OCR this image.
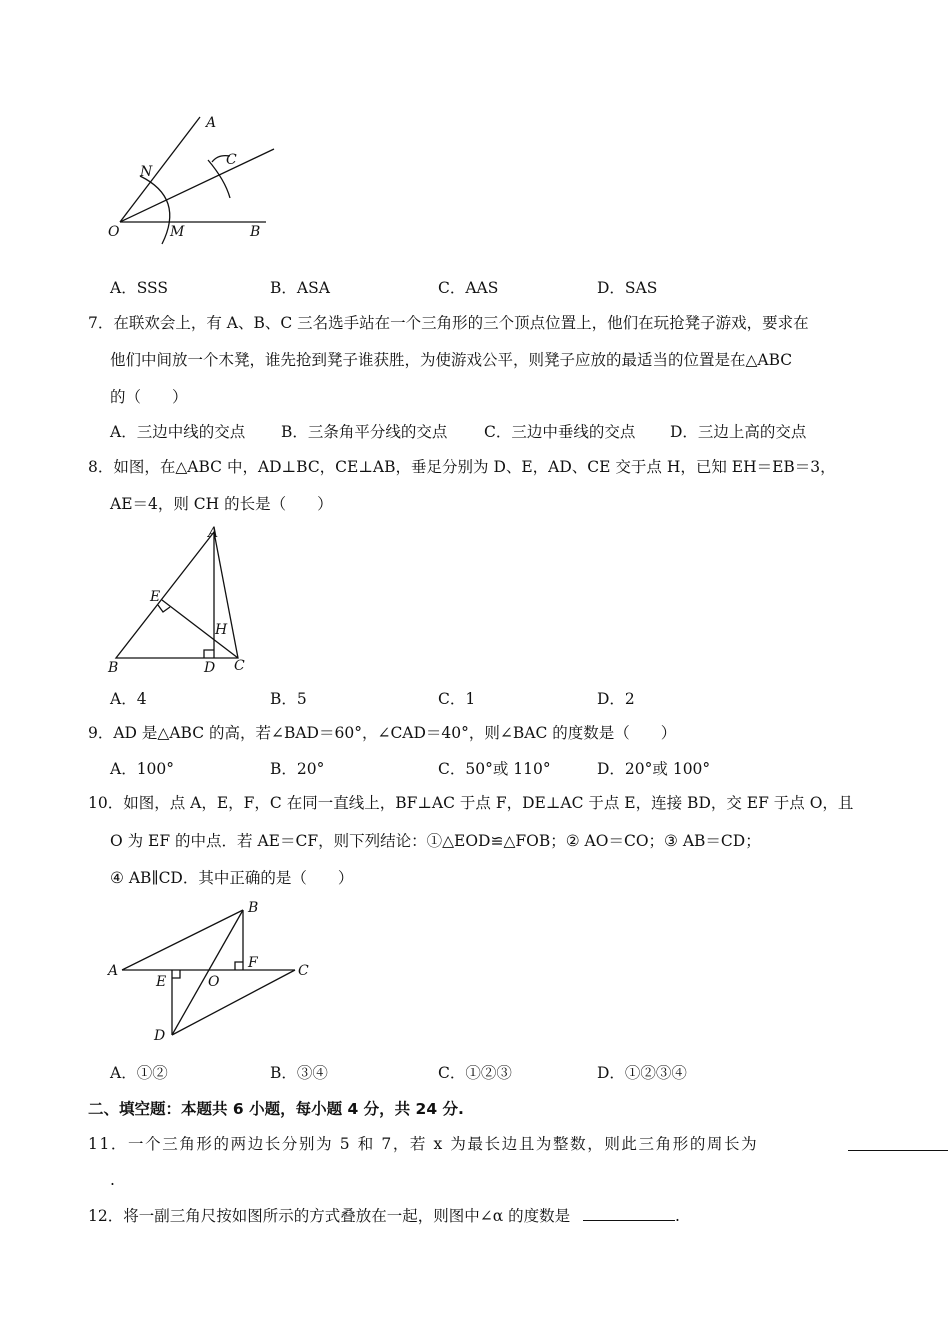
A
N
C
O	M	B
A．SSS	B．ASA	C．AAS	D．SAS
7．在联欢会上，有 A、B、C 三名选手站在一个三角形的三个顶点位置上，他们在玩抢凳子游戏，要求在
他们中间放一个木凳，谁先抢到凳子谁获胜，为使游戏公平，则凳子应放的最适当的位置是在△ABC
的（　　）
A．三边中线的交点 B．三条角平分线的交点 C．三边中垂线的交点 D．三边上高的交点
8．如图，在△ABC 中，AD⊥BC，CE⊥AB，垂足分别为 D、E，AD、CE 交于点 H，已知 EH＝EB＝3，
AE＝4，则 CH 的长是（　　）
A
E
H
B	D C
A．4	B．5	C．1	D．2
9．AD 是△ABC 的高，若∠BAD＝60°，∠CAD＝40°，则∠BAC 的度数是（　　）
A．100°	B．20°	C．50°或 110°	D．20°或 100°
10．如图，点 A，E，F，C 在同一直线上，BF⊥AC 于点 F，DE⊥AC 于点 E，连接 BD，交 EF 于点 O，且
O 为 EF 的中点．若 AE＝CF，则下列结论：①△EOD≌△FOB；② AO＝CO；③ AB＝CD；
④ AB∥CD．其中正确的是（　　）
B
A	F	C
E	O
D
A．①②	B．③④	C．①②③	D．①②③④
二、填空题：本题共 6 小题，每小题 4 分，共 24 分.
11．一个三角形的两边长分别为 5 和 7，若 x 为最长边且为整数，则此三角形的周长为
.
12．将一副三角尺按如图所示的方式叠放在一起，则图中∠α 的度数是	.
